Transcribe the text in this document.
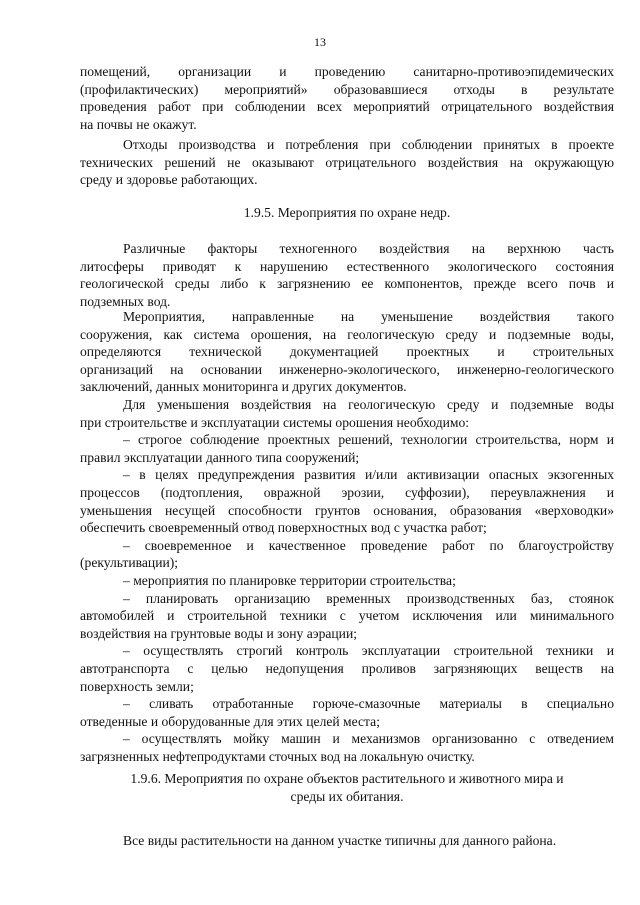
13

помещений, организации и проведению санитарно-противоэпидемических

(профилактических) мероприятий» образовавшиеся отходы в результате

проведения работ при соблюдении всех мероприятий отрицательного воздействия

на почвы не окажут.

Отходы производства и потребления при соблюдении принятых в проекте

технических решений не оказывают отрицательного воздействия на окружающую

среду и здоровье работающих.

1.9.5. Мероприятия по охране недр.

Различные факторы техногенного воздействия на верхнюю часть

литосферы приводят к нарушению естественного экологического состояния

геологической среды либо к загрязнению ее компонентов, прежде всего почв и

подземных вод.

Мероприятия, направленные на уменьшение воздействия такого

сооружения, как система орошения, на геологическую среду и подземные воды,

определяются технической документацией проектных и строительных

организаций на основании инженерно-экологического, инженерно-геологического

заключений, данных мониторинга и других документов.

Для уменьшения воздействия на геологическую среду и подземные воды

при строительстве и эксплуатации системы орошения необходимо:

– строгое соблюдение проектных решений, технологии строительства, норм и

правил эксплуатации данного типа сооружений;

– в целях предупреждения развития и/или активизации опасных экзогенных

процессов (подтопления, овражной эрозии, суффозии), переувлажнения и

уменьшения несущей способности грунтов основания, образования «верховодки»

обеспечить своевременный отвод поверхностных вод с участка работ;

– своевременное и качественное проведение работ по благоустройству

(рекультивации);

– мероприятия по планировке территории строительства;

– планировать организацию временных производственных баз, стоянок

автомобилей и строительной техники с учетом исключения или минимального

воздействия на грунтовые воды и зону аэрации;

– осуществлять строгий контроль эксплуатации строительной техники и

автотранспорта с целью недопущения проливов загрязняющих веществ на

поверхность земли;

– сливать отработанные горюче-смазочные материалы в специально

отведенные и оборудованные для этих целей места;

– осуществлять мойку машин и механизмов организованно с отведением

загрязненных нефтепродуктами сточных вод на локальную очистку.

1.9.6. Мероприятия по охране объектов растительного и животного мира и

среды их обитания.

Все виды растительности на данном участке типичны для данного района.
